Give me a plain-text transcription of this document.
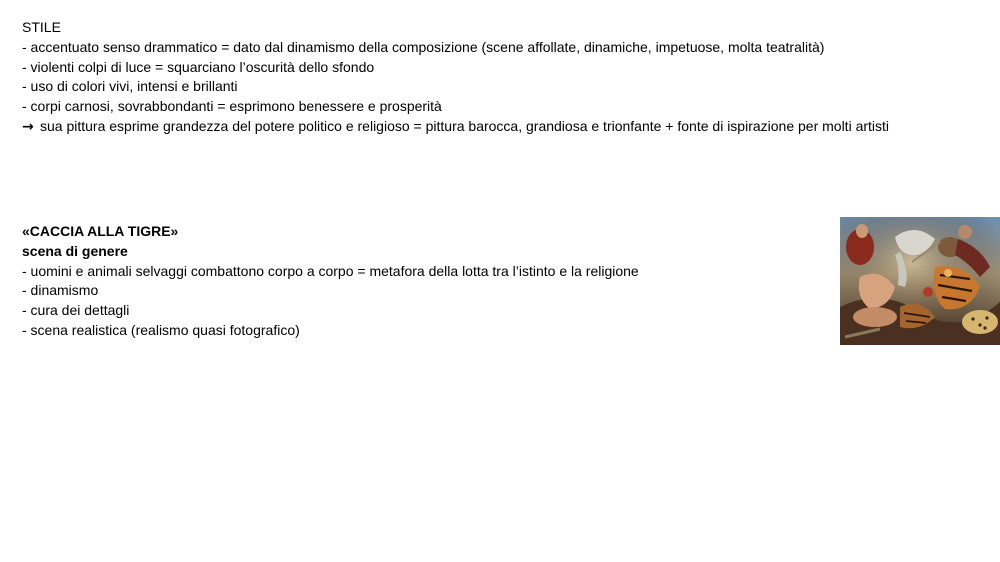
STILE
- accentuato senso drammatico = dato dal dinamismo della composizione (scene affollate, dinamiche, impetuose, molta teatralità)
- violenti colpi di luce = squarciano l’oscurità dello sfondo
- uso di colori vivi, intensi e brillanti
- corpi carnosi, sovrabbondanti = esprimono benessere e prosperità
→ sua pittura esprime grandezza del potere politico e religioso = pittura barocca, grandiosa e trionfante + fonte di ispirazione per molti artisti
«CACCIA ALLA TIGRE»
scena di genere
- uomini e animali selvaggi combattono corpo a corpo = metafora della lotta tra l’istinto e la religione
- dinamismo
- cura dei dettagli
- scena realistica (realismo quasi fotografico)
